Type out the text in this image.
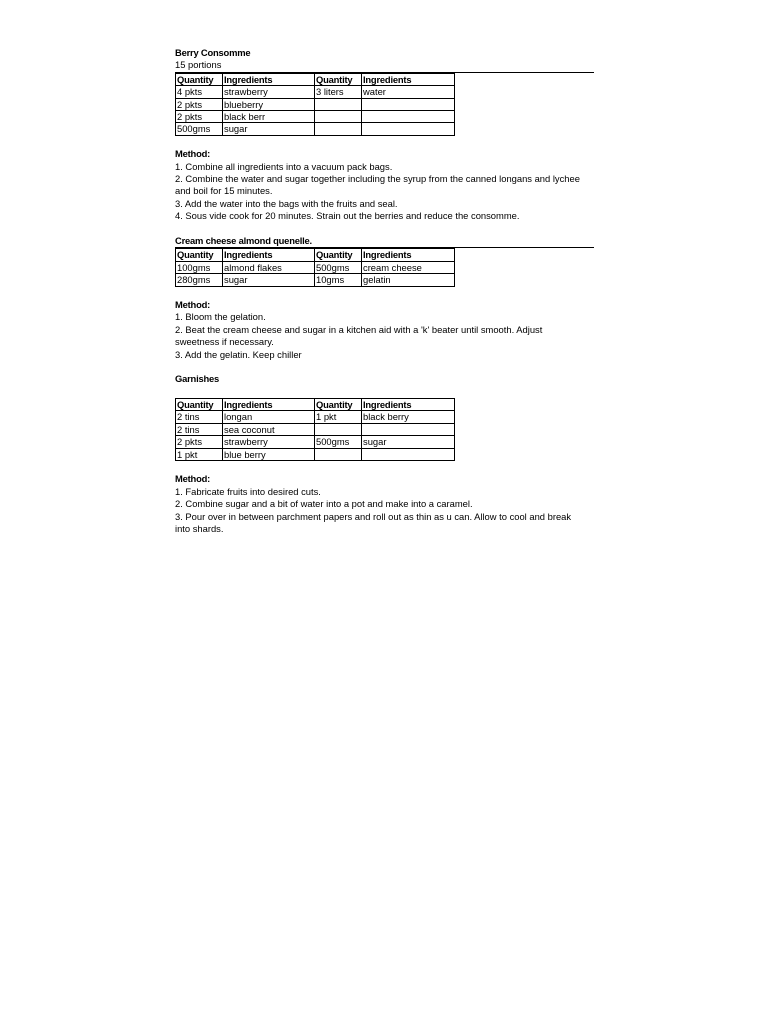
Berry Consomme
15 portions
Quantity	Ingredients	Quantity	Ingredients
4 pkts	strawberry	3 liters	water
2 pkts	blueberry		
2 pkts	black berr		
500gms	sugar		
Method:
1. Combine all ingredients into a vacuum pack bags.
2. Combine the water and sugar together including the syrup from the canned longans and lychee
and boil for 15 minutes.
3. Add the water into the bags with the fruits and seal.
4. Sous vide cook for 20 minutes. Strain out the berries and reduce the consomme.
Cream cheese almond quenelle.
Quantity	Ingredients	Quantity	Ingredients
100gms	almond flakes	500gms	cream cheese
280gms	sugar	10gms	gelatin
Method:
1. Bloom the gelation.
2. Beat the cream cheese and sugar in a kitchen aid with a 'k' beater until smooth. Adjust
sweetness if necessary.
3. Add the gelatin. Keep chiller
Garnishes
Quantity	Ingredients	Quantity	Ingredients
2 tins	longan	1 pkt	black berry
2 tins	sea coconut		
2 pkts	strawberry	500gms	sugar
1 pkt	blue berry		
Method:
1. Fabricate fruits into desired cuts.
2. Combine sugar and a bit of water into a pot and make into a caramel.
3. Pour over in between parchment papers and roll out as thin as u can. Allow to cool and break
into shards.
